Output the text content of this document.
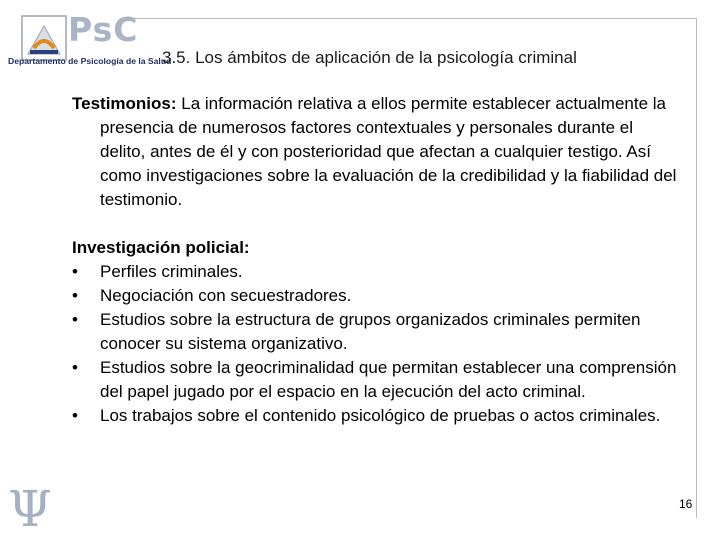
PsC
Departamento de Psicología de la Salud
3.5. Los ámbitos de aplicación de la psicología criminal

Testimonios: La información relativa a ellos permite establecer actualmente la presencia de numerosos factores contextuales y personales durante el delito, antes de él y con posterioridad que afectan a cualquier testigo. Así como investigaciones sobre la evaluación de la credibilidad y la fiabilidad del testimonio.

Investigación policial:
•	Perfiles criminales.
•	Negociación con secuestradores.
•	Estudios sobre la estructura de grupos organizados criminales permiten conocer su sistema organizativo.
•	Estudios sobre la geocriminalidad que permitan establecer una comprensión del papel jugado por el espacio en la ejecución del acto criminal.
•	Los trabajos sobre el contenido psicológico de pruebas o actos criminales.
Ψ	16
